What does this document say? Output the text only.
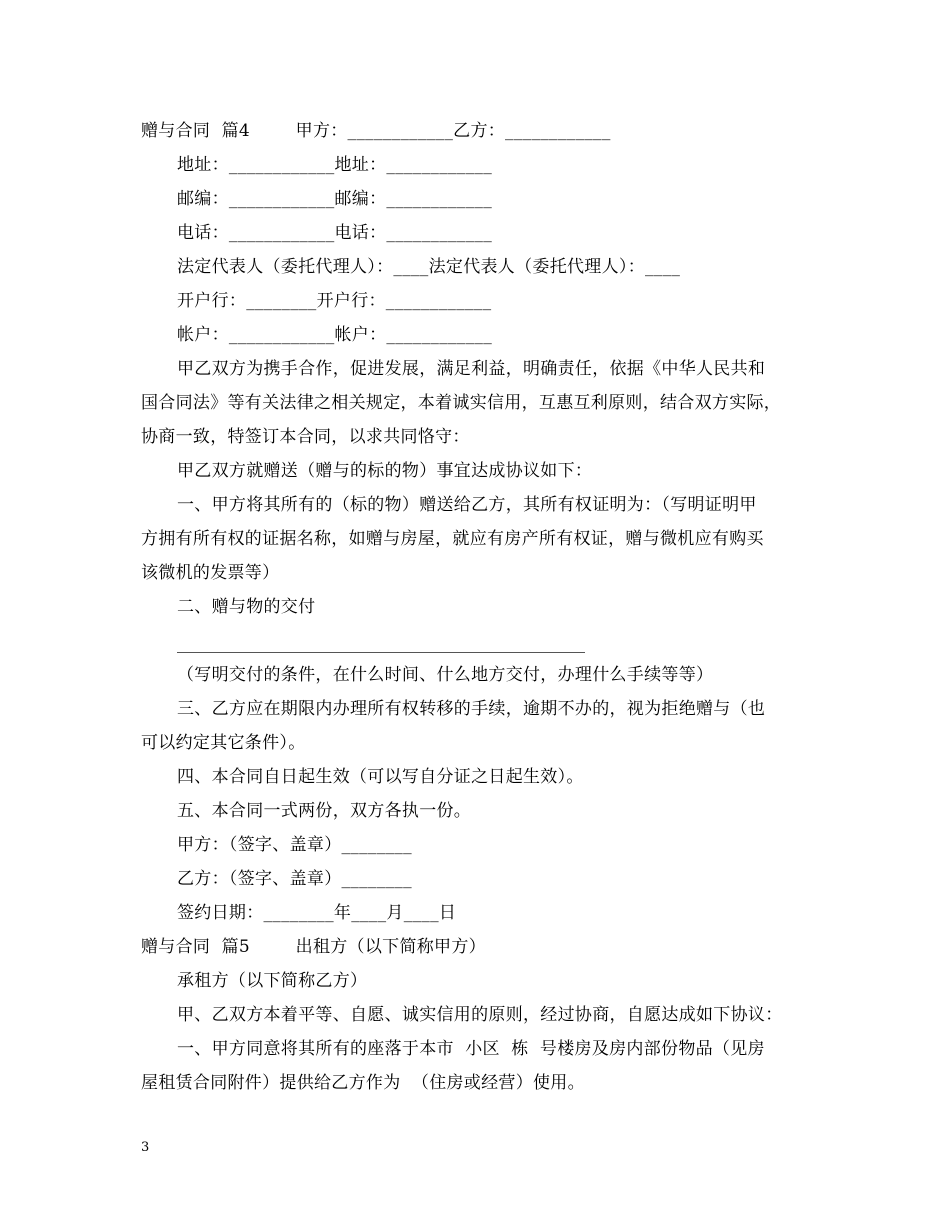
赠与合同  篇4        甲方：____________乙方：____________
地址：____________地址：____________
邮编：____________邮编：____________
电话：____________电话：____________
法定代表人（委托代理人）：____法定代表人（委托代理人）：____
开户行：________开户行：____________
帐户：____________帐户：____________
甲乙双方为携手合作，促进发展，满足利益，明确责任，依据《中华人民共和
国合同法》等有关法律之相关规定，本着诚实信用，互惠互利原则，结合双方实际，
协商一致，特签订本合同，以求共同恪守：
甲乙双方就赠送（赠与的标的物）事宜达成协议如下：
一、甲方将其所有的（标的物）赠送给乙方，其所有权证明为：（写明证明甲
方拥有所有权的证据名称，如赠与房屋，就应有房产所有权证，赠与微机应有购买
该微机的发票等）
二、赠与物的交付
（写明交付的条件，在什么时间、什么地方交付，办理什么手续等等）
三、乙方应在期限内办理所有权转移的手续，逾期不办的，视为拒绝赠与（也
可以约定其它条件）。
四、本合同自日起生效（可以写自分证之日起生效）。
五、本合同一式两份，双方各执一份。
甲方：（签字、盖章）________
乙方：（签字、盖章）________
签约日期：________年____月____日
赠与合同  篇5        出租方（以下简称甲方）
承租方（以下简称乙方）
甲、乙双方本着平等、自愿、诚实信用的原则，经过协商，自愿达成如下协议：
一、甲方同意将其所有的座落于本市  小区  栋  号楼房及房内部份物品（见房
屋租赁合同附件）提供给乙方作为  （住房或经营）使用。
3
